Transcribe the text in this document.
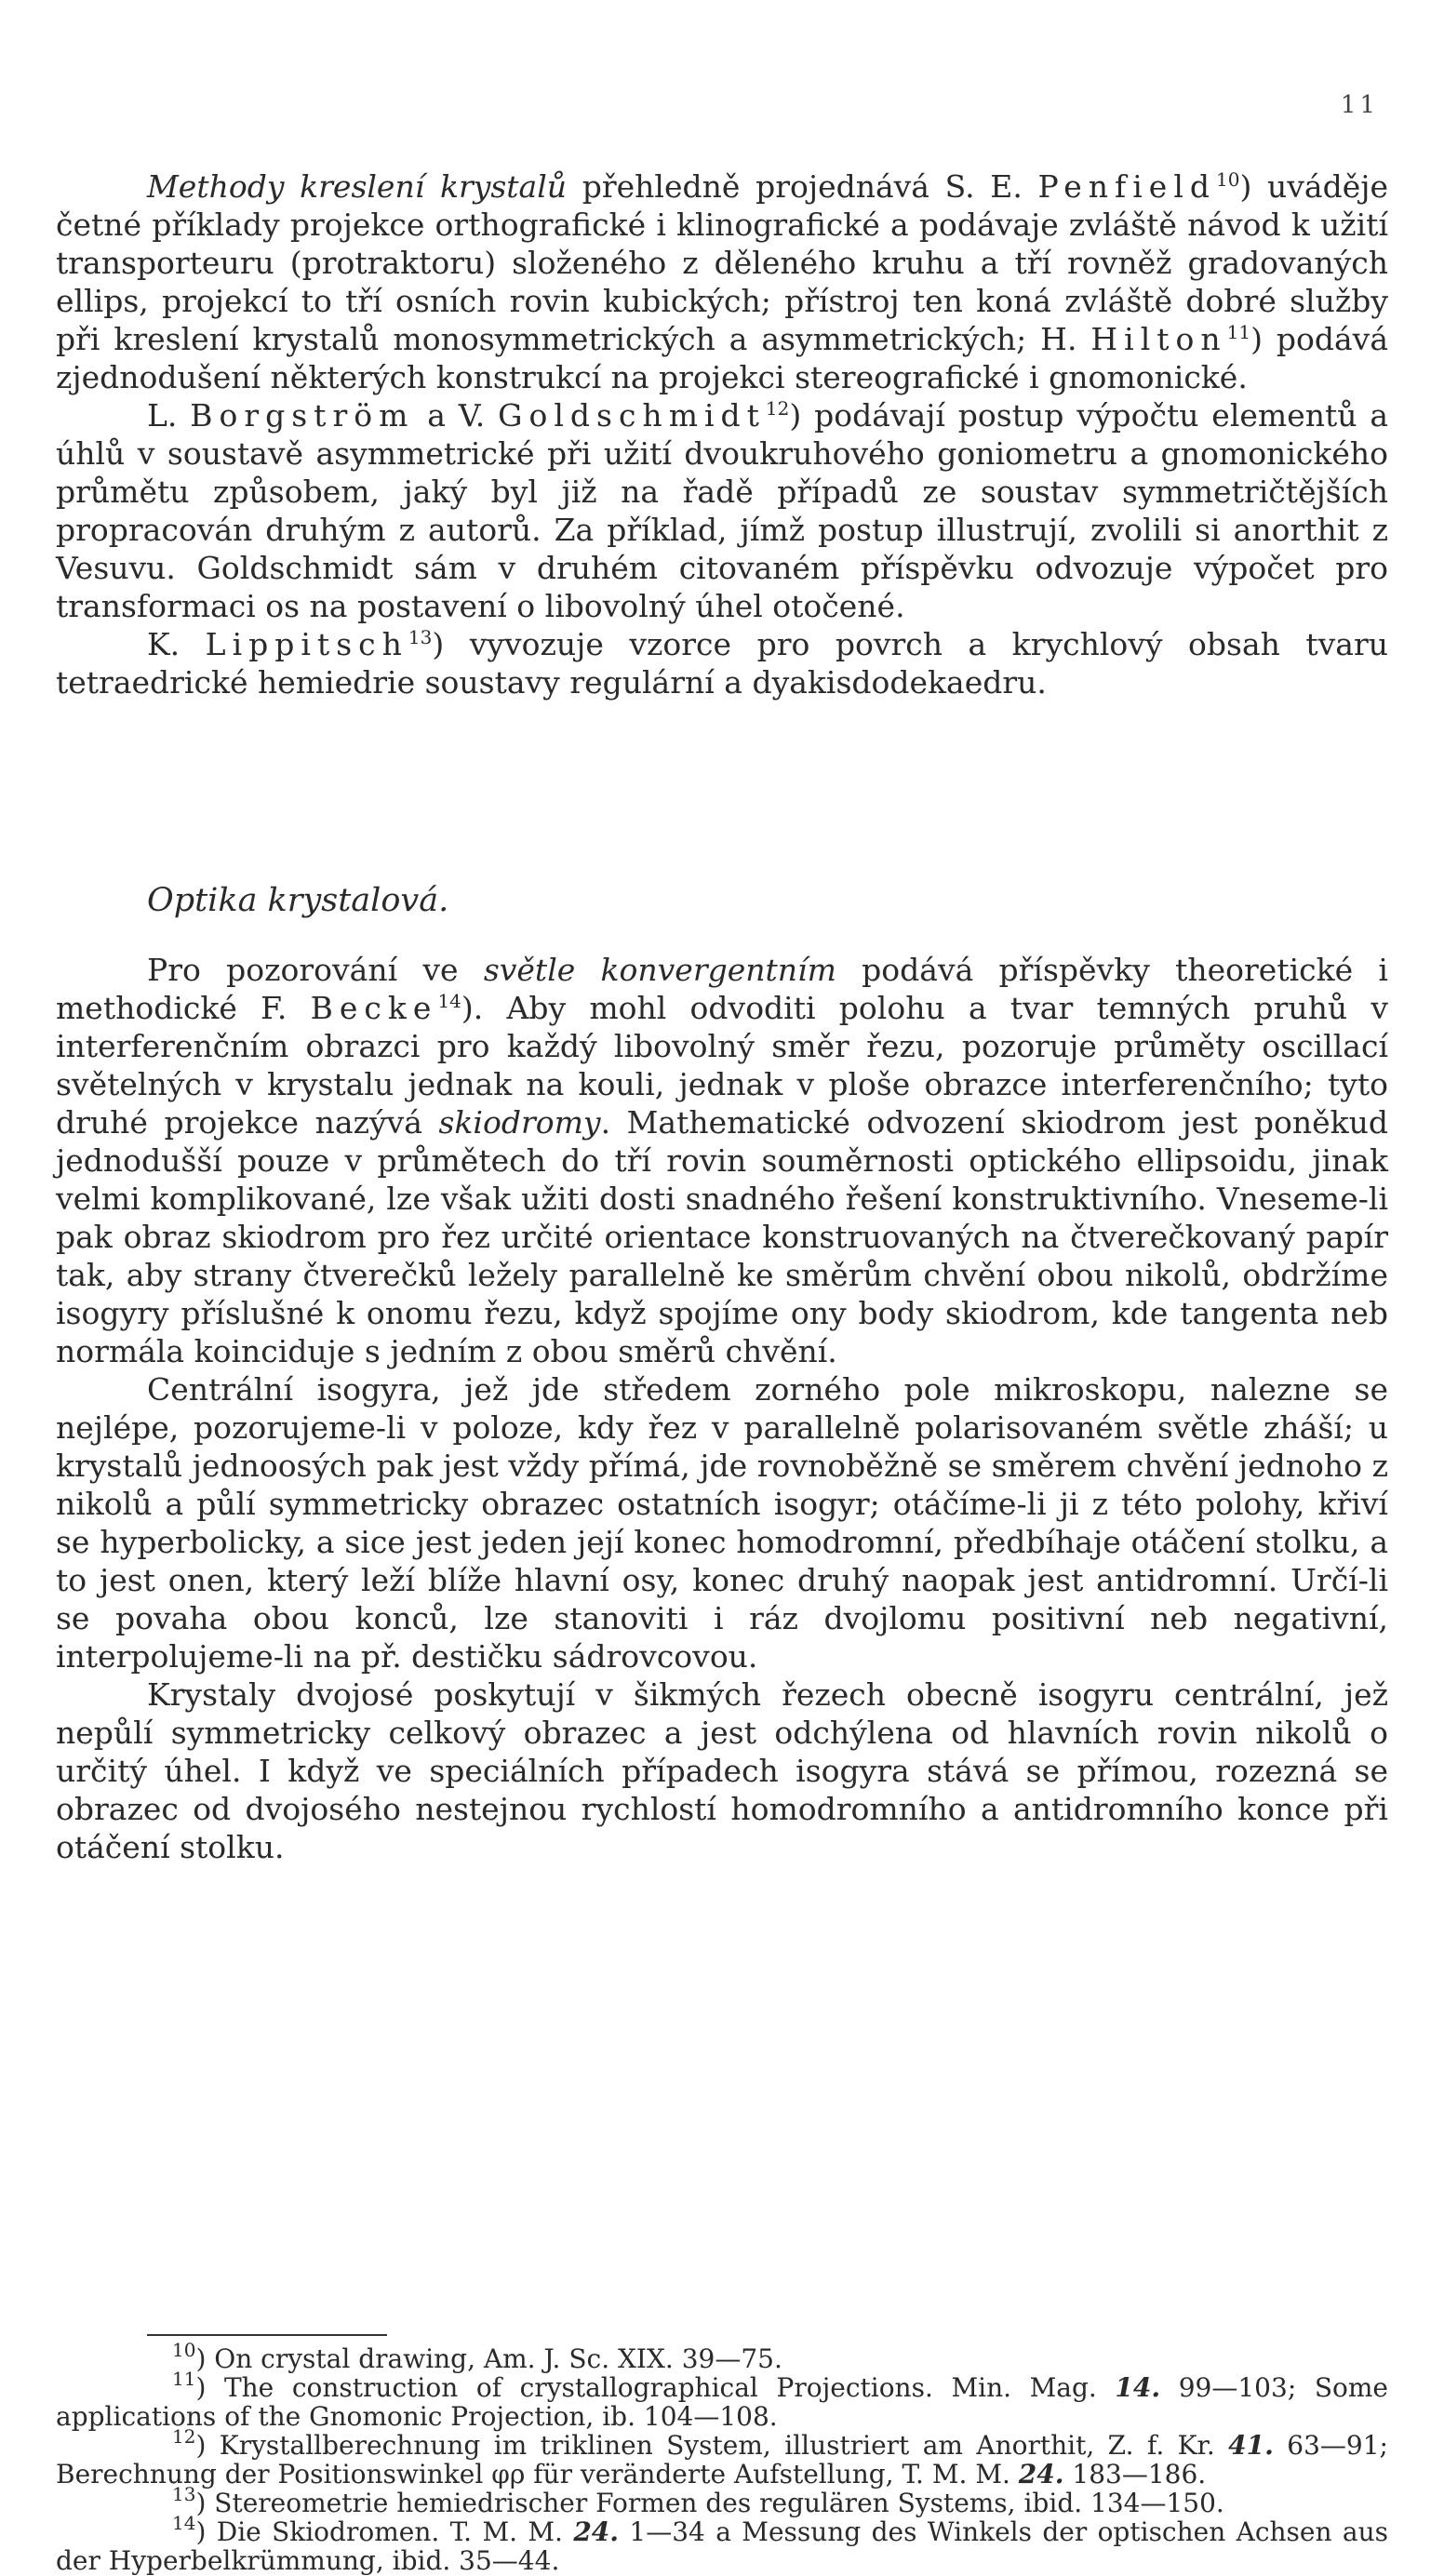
11

Methody kreslení krystalů přehledně projednává S. E. Penfield$^{10}$) uváděje četné příklady projekce orthografické i klinografické a podávaje zvláště návod k užití transporteuru (protraktoru) složeného z děleného kruhu a tří rovněž gradovaných ellips, projekcí to tří osních rovin kubických; přístroj ten koná zvláště dobré služby při kreslení krystalů monosymmetrických a asymmetrických; H. Hilton$^{11}$) podává zjednodušení některých konstrukcí na projekci stereografické i gnomonické.

L. Borgström a V. Goldschmidt$^{12}$) podávají postup výpočtu elementů a úhlů v soustavě asymmetrické při užití dvoukruhového goniometru a gnomonického průmětu způsobem, jaký byl již na řadě případů ze soustav symmetričtějších propracován druhým z autorů. Za příklad, jímž postup illustrují, zvolili si anorthit z Vesuvu. Goldschmidt sám v druhém citovaném příspěvku odvozuje výpočet pro transformaci os na postavení o libovolný úhel otočené.

K. Lippitsch$^{13}$) vyvozuje vzorce pro povrch a krychlový obsah tvaru tetraedrické hemiedrie soustavy regulární a dyakisdodekaedru.

Optika krystalová.

Pro pozorování ve světle konvergentním podává příspěvky theoretické i methodické F. Becke$^{14}$). Aby mohl odvoditi polohu a tvar temných pruhů v interferenčním obrazci pro každý libovolný směr řezu, pozoruje průměty oscillací světelných v krystalu jednak na kouli, jednak v ploše obrazce interferenčního; tyto druhé projekce nazývá skiodromy. Mathematické odvození skiodrom jest poněkud jednodušší pouze v průmětech do tří rovin souměrnosti optického ellipsoidu, jinak velmi komplikované, lze však užiti dosti snadného řešení konstruktivního. Vneseme-li pak obraz skiodrom pro řez určité orientace konstruovaných na čtverečkovaný papír tak, aby strany čtverečků ležely parallelně ke směrům chvění obou nikolů, obdržíme isogyry příslušné k onomu řezu, když spojíme ony body skiodrom, kde tangenta neb normála koinciduje s jedním z obou směrů chvění.

Centrální isogyra, jež jde středem zorného pole mikroskopu, nalezne se nejlépe, pozorujeme-li v poloze, kdy řez v parallelně polarisovaném světle zháší; u krystalů jednoosých pak jest vždy přímá, jde rovnoběžně se směrem chvění jednoho z nikolů a půlí symmetricky obrazec ostatních isogyr; otáčíme-li ji z této polohy, křiví se hyperbolicky, a sice jest jeden její konec homodromní, předbíhaje otáčení stolku, a to jest onen, který leží blíže hlavní osy, konec druhý naopak jest antidromní. Určí-li se povaha obou konců, lze stanoviti i ráz dvojlomu positivní neb negativní, interpolujeme-li na př. destičku sádrovcovou.

Krystaly dvojosé poskytují v šikmých řezech obecně isogyru centrální, jež nepůlí symmetricky celkový obrazec a jest odchýlena od hlavních rovin nikolů o určitý úhel. I když ve speciálních případech isogyra stává se přímou, rozezná se obrazec od dvojosého nestejnou rychlostí homodromního a antidromního konce při otáčení stolku.

$^{10}$) On crystal drawing, Am. J. Sc. XIX. 39—75.

$^{11}$) The construction of crystallographical Projections. Min. Mag. 14. 99—103; Some applications of the Gnomonic Projection, ib. 104—108.

$^{12}$) Krystallberechnung im triklinen System, illustriert am Anorthit, Z. f. Kr. 41. 63—91; Berechnung der Positionswinkel φρ für veränderte Aufstellung, T. M. M. 24. 183—186.

$^{13}$) Stereometrie hemiedrischer Formen des regulären Systems, ibid. 134—150.

$^{14}$) Die Skiodromen. T. M. M. 24. 1—34 a Messung des Winkels der optischen Achsen aus der Hyperbelkrümmung, ibid. 35—44.
